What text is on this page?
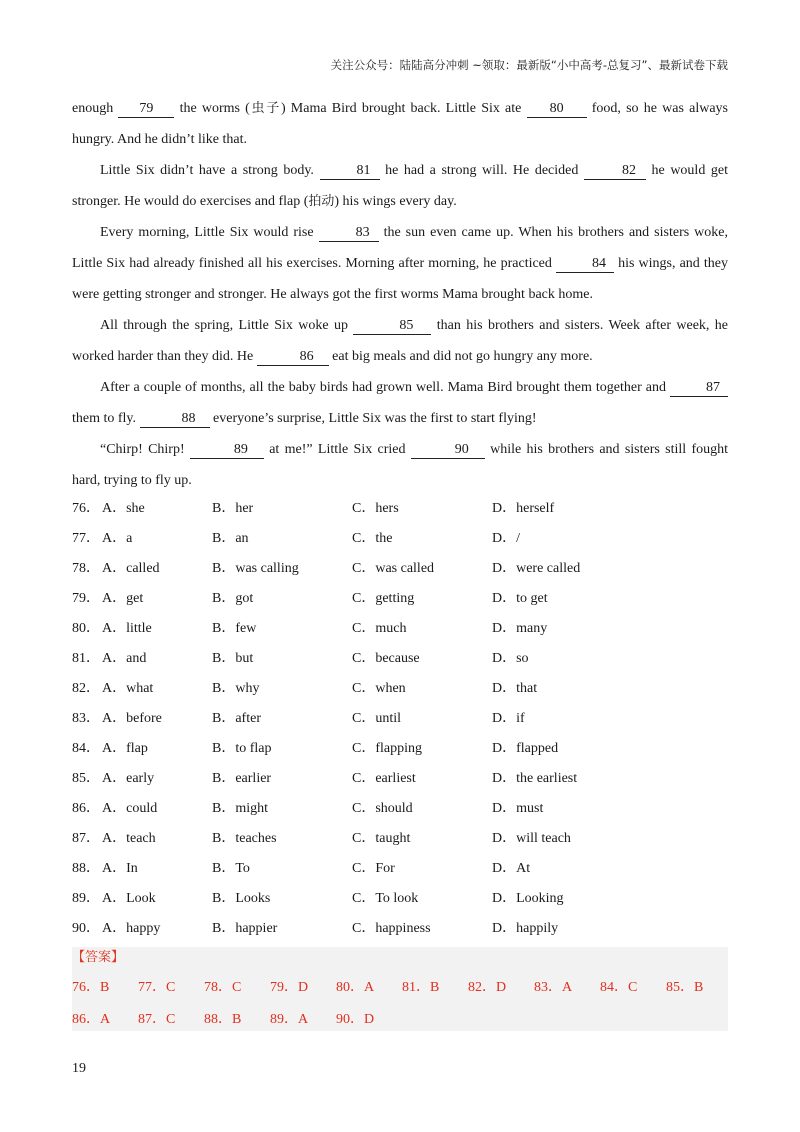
关注公众号：陆陆高分冲刺 ~领取：最新版“小中高考-总复习”、最新试卷下载

enough 79 the worms (虫子) Mama Bird brought back. Little Six ate 80 food, so he was always hungry. And he didn’t like that.

Little Six didn’t have a strong body.	81 he had a strong will. He decided	82 he would get stronger. He would do exercises and flap (拍动) his wings every day.

Every morning, Little Six would rise	83 the sun even came up. When his brothers and sisters woke, Little Six had already finished all his exercises. Morning after morning, he practiced	84 his wings, and they were getting stronger and stronger. He always got the first worms Mama brought back home.

All through the spring, Little Six woke up	85 than his brothers and sisters. Week after week, he worked harder than they did. He	86 eat big meals and did not go hungry any more.

After a couple of months, all the baby birds had grown well. Mama Bird brought them together and	87 them to fly.	88 everyone’s surprise, Little Six was the first to start flying!

“Chirp! Chirp!	89 at me!” Little Six cried	90 while his brothers and sisters still fought hard, trying to fly up.

76． A．she	B．her	C．hers	D．herself
77． A．a	B．an	C．the	D．/
78． A．called	B．was calling	C．was called	D．were called
79． A．get	B．got	C．getting	D．to get
80． A．little	B．few	C．much	D．many
81． A．and	B．but	C．because	D．so
82． A．what	B．why	C．when	D．that
83． A．before	B．after	C．until	D．if
84． A．flap	B．to flap	C．flapping	D．flapped
85． A．early	B．earlier	C．earliest	D．the earliest
86． A．could	B．might	C．should	D．must
87． A．teach	B．teaches	C．taught	D．will teach
88． A．In	B．To	C．For	D．At
89． A．Look	B．Looks	C．To look	D．Looking
90． A．happy	B．happier	C．happiness	D．happily
【答案】
76．B 77．C 78．C 79．D 80．A 81．B 82．D 83．A 84．C 85．B
86．A 87．C 88．B 89．A 90．D
19
